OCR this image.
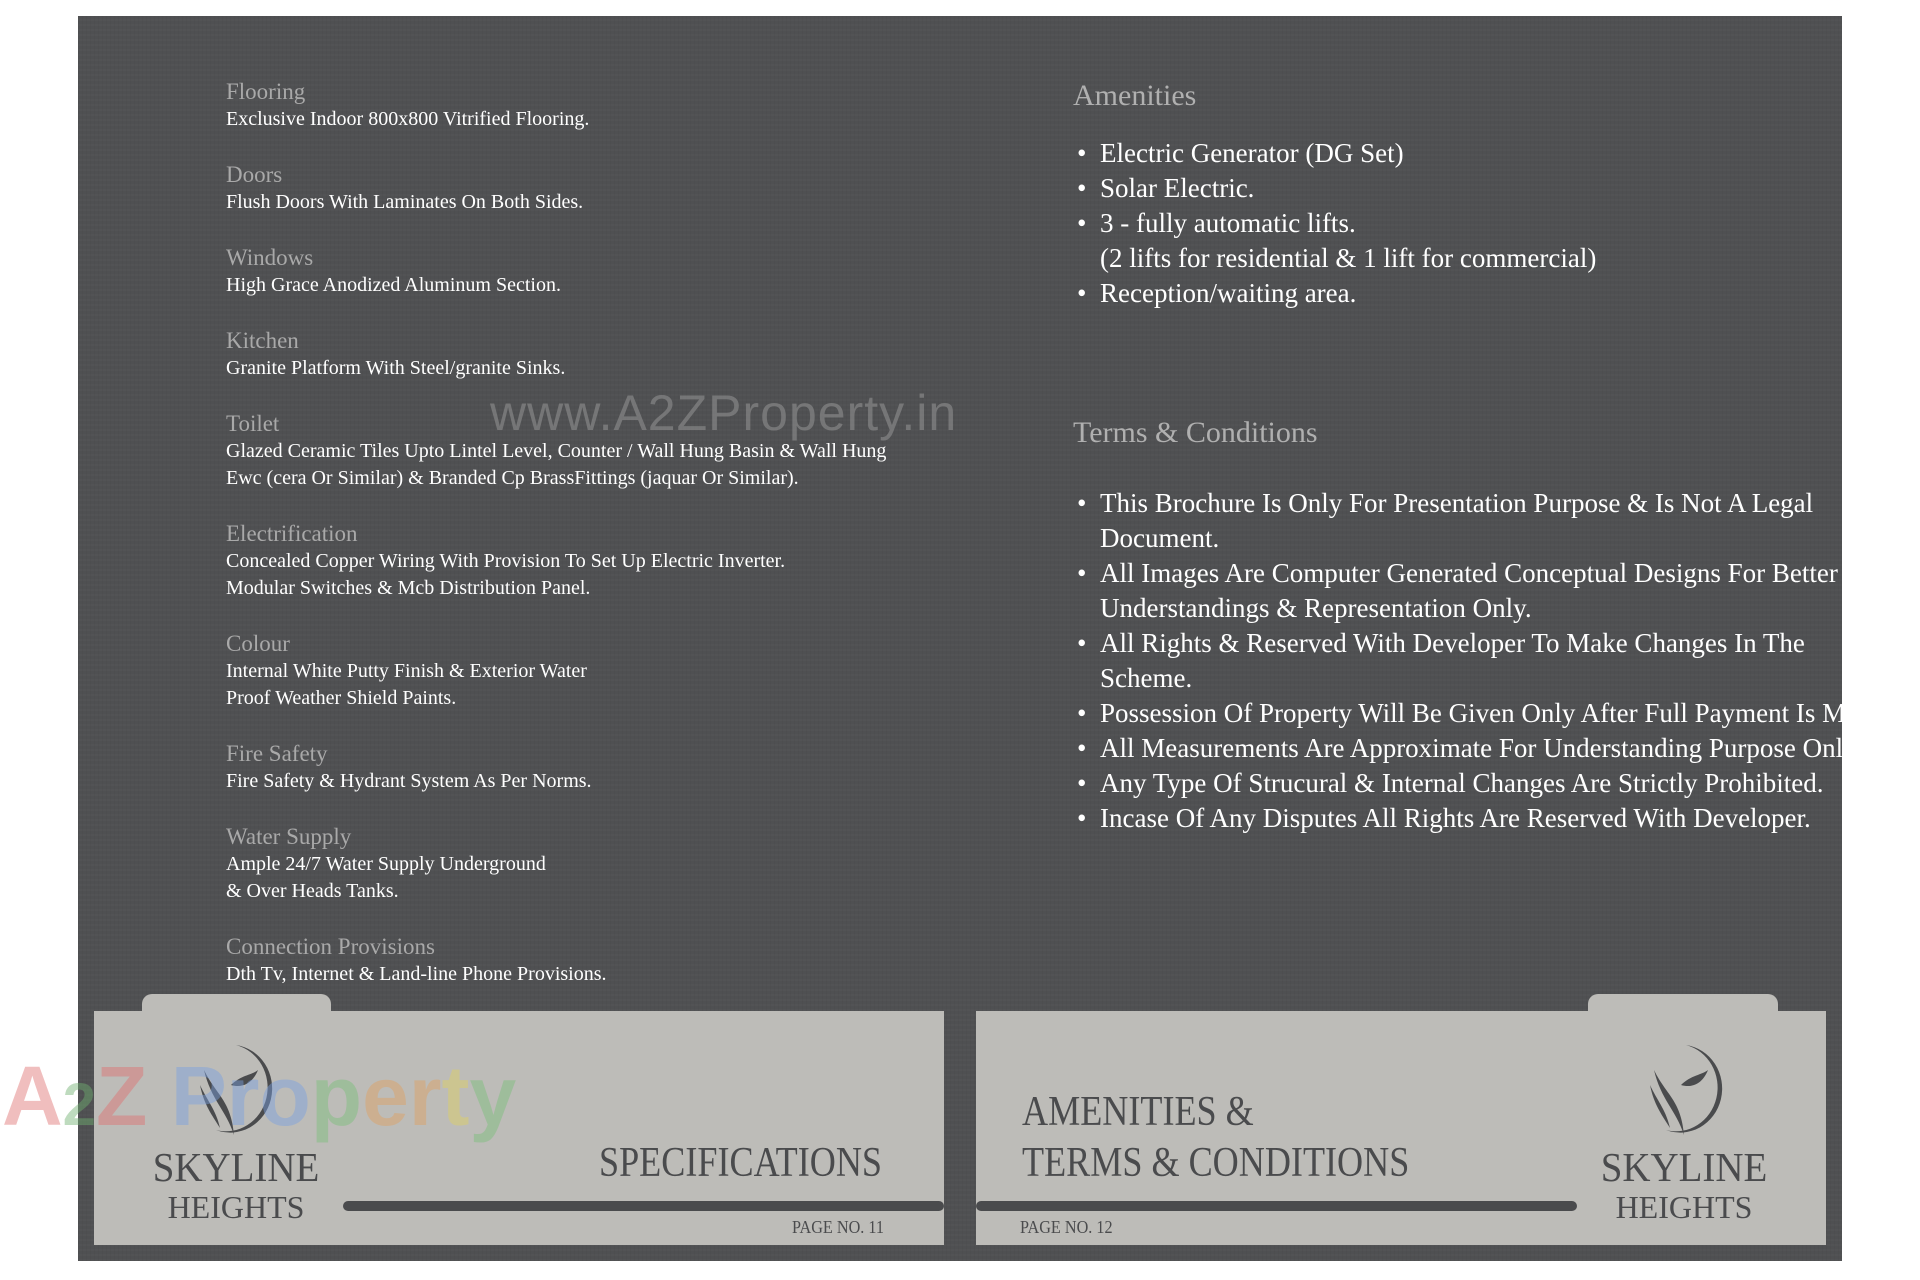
Flooring
Exclusive Indoor 800x800 Vitrified Flooring.
Doors
Flush Doors With Laminates On Both Sides.
Windows
High Grace Anodized Aluminum Section.
Kitchen
Granite Platform With Steel/granite Sinks.
Toilet
Glazed Ceramic Tiles Upto Lintel Level, Counter / Wall Hung Basin & Wall Hung
Ewc (cera Or Similar) & Branded Cp BrassFittings (jaquar Or Similar).
Electrification
Concealed Copper Wiring With Provision To Set Up Electric Inverter.
Modular Switches & Mcb Distribution Panel.
Colour
Internal White Putty Finish & Exterior Water
Proof Weather Shield Paints.
Fire Safety
Fire Safety & Hydrant System As Per Norms.
Water Supply
Ample 24/7 Water Supply Underground
& Over Heads Tanks.
Connection Provisions
Dth Tv, Internet & Land-line Phone Provisions.
Amenities
• Electric Generator (DG Set)
• Solar Electric.
• 3 - fully automatic lifts.
(2 lifts for residential & 1 lift for commercial)
• Reception/waiting area.
Terms & Conditions
• This Brochure Is Only For Presentation Purpose & Is Not A Legal Document.
• All Images Are Computer Generated Conceptual Designs For Better Understandings & Representation Only.
• All Rights & Reserved With Developer To Make Changes In The Scheme.
• Possession Of Property Will Be Given Only After Full Payment Is Made.
• All Measurements Are Approximate For Understanding Purpose Only.
• Any Type Of Strucural & Internal Changes Are Strictly Prohibited.
• Incase Of Any Disputes All Rights Are Reserved With Developer.
www.A2ZProperty.in
SKYLINE
HEIGHTS
SPECIFICATIONS
PAGE NO. 11
A2Z Property	AMENITIES &
TERMS & CONDITIONS
PAGE NO. 12
SKYLINE
HEIGHTS
